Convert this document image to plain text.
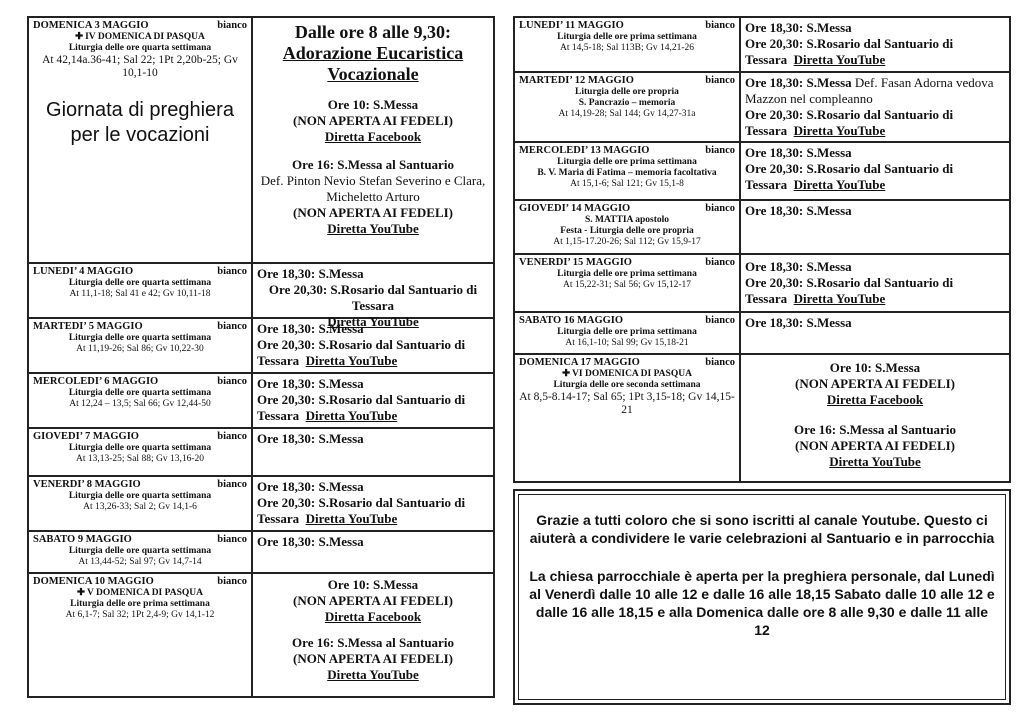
DOMENICA 3 MAGGIO	bianco
✚ IV DOMENICA DI PASQUA
Liturgia delle ore quarta settimana
At 42,14a.36-41; Sal 22; 1Pt 2,20b-25; Gv 10,1-10
Giornata di preghiera per le vocazioni
Dalle ore 8 alle 9,30:
Adorazione Eucaristica Vocazionale
Ore 10: S.Messa
(NON APERTA AI FEDELI)
Diretta Facebook
Ore 16: S.Messa al Santuario
Def. Pinton Nevio Stefan Severino e Clara, Micheletto Arturo
(NON APERTA AI FEDELI)
Diretta YouTube
LUNEDI’ 4 MAGGIO	bianco
Liturgia delle ore quarta settimana
At 11,1-18; Sal 41 e 42; Gv 10,11-18
Ore 18,30: S.Messa
Ore 20,30: S.Rosario dal Santuario di Tessara
Diretta YouTube
MARTEDI’ 5 MAGGIO	bianco
Liturgia delle ore quarta settimana
At 11,19-26; Sal 86; Gv 10,22-30
Ore 18,30: S.Messa
Ore 20,30: S.Rosario dal Santuario di
Tessara Diretta YouTube
MERCOLEDI’ 6 MAGGIO	bianco
Liturgia delle ore quarta settimana
At 12,24 – 13,5; Sal 66; Gv 12,44-50
Ore 18,30: S.Messa
Ore 20,30: S.Rosario dal Santuario di
Tessara Diretta YouTube
GIOVEDI’ 7 MAGGIO	bianco
Liturgia delle ore quarta settimana
At 13,13-25; Sal 88; Gv 13,16-20
Ore 18,30: S.Messa
VENERDI’ 8 MAGGIO	bianco
Liturgia delle ore quarta settimana
At 13,26-33; Sal 2; Gv 14,1-6
Ore 18,30: S.Messa
Ore 20,30: S.Rosario dal Santuario di
Tessara Diretta YouTube
SABATO 9 MAGGIO	bianco
Liturgia delle ore quarta settimana
At 13,44-52; Sal 97; Gv 14,7-14
Ore 18,30: S.Messa
DOMENICA 10 MAGGIO	bianco
✚ V DOMENICA DI PASQUA
Liturgia delle ore prima settimana
At 6,1-7; Sal 32; 1Pt 2,4-9; Gv 14,1-12
Ore 10: S.Messa
(NON APERTA AI FEDELI)
Diretta Facebook
Ore 16: S.Messa al Santuario
(NON APERTA AI FEDELI)
Diretta YouTube
LUNEDI’ 11 MAGGIO	bianco
Liturgia delle ore prima settimana
At 14,5-18; Sal 113B; Gv 14,21-26
Ore 18,30: S.Messa
Ore 20,30: S.Rosario dal Santuario di
Tessara Diretta YouTube
MARTEDI’ 12 MAGGIO	bianco
Liturgia delle ore propria
S. Pancrazio – memoria
At 14,19-28; Sal 144; Gv 14,27-31a
Ore 18,30: S.Messa Def. Fasan Adorna vedova Mazzon nel compleanno
Ore 20,30: S.Rosario dal Santuario di
Tessara Diretta YouTube
MERCOLEDI’ 13 MAGGIO	bianco
Liturgia delle ore prima settimana
B. V. Maria di Fatima – memoria facoltativa
At 15,1-6; Sal 121; Gv 15,1-8
Ore 18,30: S.Messa
Ore 20,30: S.Rosario dal Santuario di
Tessara Diretta YouTube
GIOVEDI’ 14 MAGGIO	bianco
S. MATTIA apostolo
Festa - Liturgia delle ore propria
At 1,15-17.20-26; Sal 112; Gv 15,9-17
Ore 18,30: S.Messa
VENERDI’ 15 MAGGIO	bianco
Liturgia delle ore prima settimana
At 15,22-31; Sal 56; Gv 15,12-17
Ore 18,30: S.Messa
Ore 20,30: S.Rosario dal Santuario di
Tessara Diretta YouTube
SABATO 16 MAGGIO	bianco
Liturgia delle ore prima settimana
At 16,1-10; Sal 99; Gv 15,18-21
Ore 18,30: S.Messa
DOMENICA 17 MAGGIO	bianco
✚ VI DOMENICA DI PASQUA
Liturgia delle ore seconda settimana
At 8,5-8.14-17; Sal 65; 1Pt 3,15-18; Gv 14,15-21
Ore 10: S.Messa
(NON APERTA AI FEDELI)
Diretta Facebook
Ore 16: S.Messa al Santuario
(NON APERTA AI FEDELI)
Diretta YouTube
Grazie a tutti coloro che si sono iscritti al canale Youtube. Questo ci aiuterà a condividere le varie celebrazioni al Santuario e in parrocchia
La chiesa parrocchiale è aperta per la preghiera personale, dal Lunedì al Venerdì dalle 10 alle 12 e dalle 16 alle 18,15 Sabato dalle 10 alle 12 e dalle 16 alle 18,15 e alla Domenica dalle ore 8 alle 9,30 e dalle 11 alle 12
